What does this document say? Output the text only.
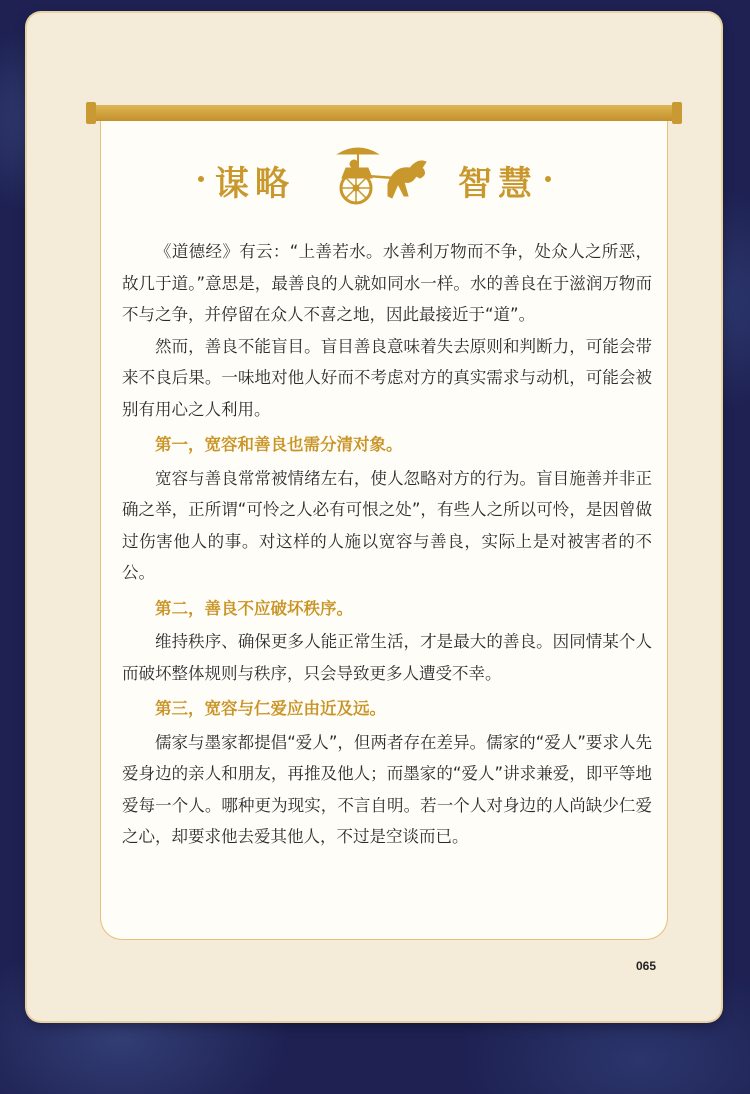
谋略	智慧

《道德经》有云：“上善若水。水善利万物而不争，处众人之所恶，故几于道。”意思是，最善良的人就如同水一样。水的善良在于滋润万物而不与之争，并停留在众人不喜之地，因此最接近于“道”。

然而，善良不能盲目。盲目善良意味着失去原则和判断力，可能会带来不良后果。一味地对他人好而不考虑对方的真实需求与动机，可能会被别有用心之人利用。

第一，宽容和善良也需分清对象。

宽容与善良常常被情绪左右，使人忽略对方的行为。盲目施善并非正确之举，正所谓“可怜之人必有可恨之处”，有些人之所以可怜，是因曾做过伤害他人的事。对这样的人施以宽容与善良，实际上是对被害者的不公。

第二，善良不应破坏秩序。

维持秩序、确保更多人能正常生活，才是最大的善良。因同情某个人而破坏整体规则与秩序，只会导致更多人遭受不幸。

第三，宽容与仁爱应由近及远。

儒家与墨家都提倡“爱人”，但两者存在差异。儒家的“爱人”要求人先爱身边的亲人和朋友，再推及他人；而墨家的“爱人”讲求兼爱，即平等地爱每一个人。哪种更为现实，不言自明。若一个人对身边的人尚缺少仁爱之心，却要求他去爱其他人，不过是空谈而已。

065
